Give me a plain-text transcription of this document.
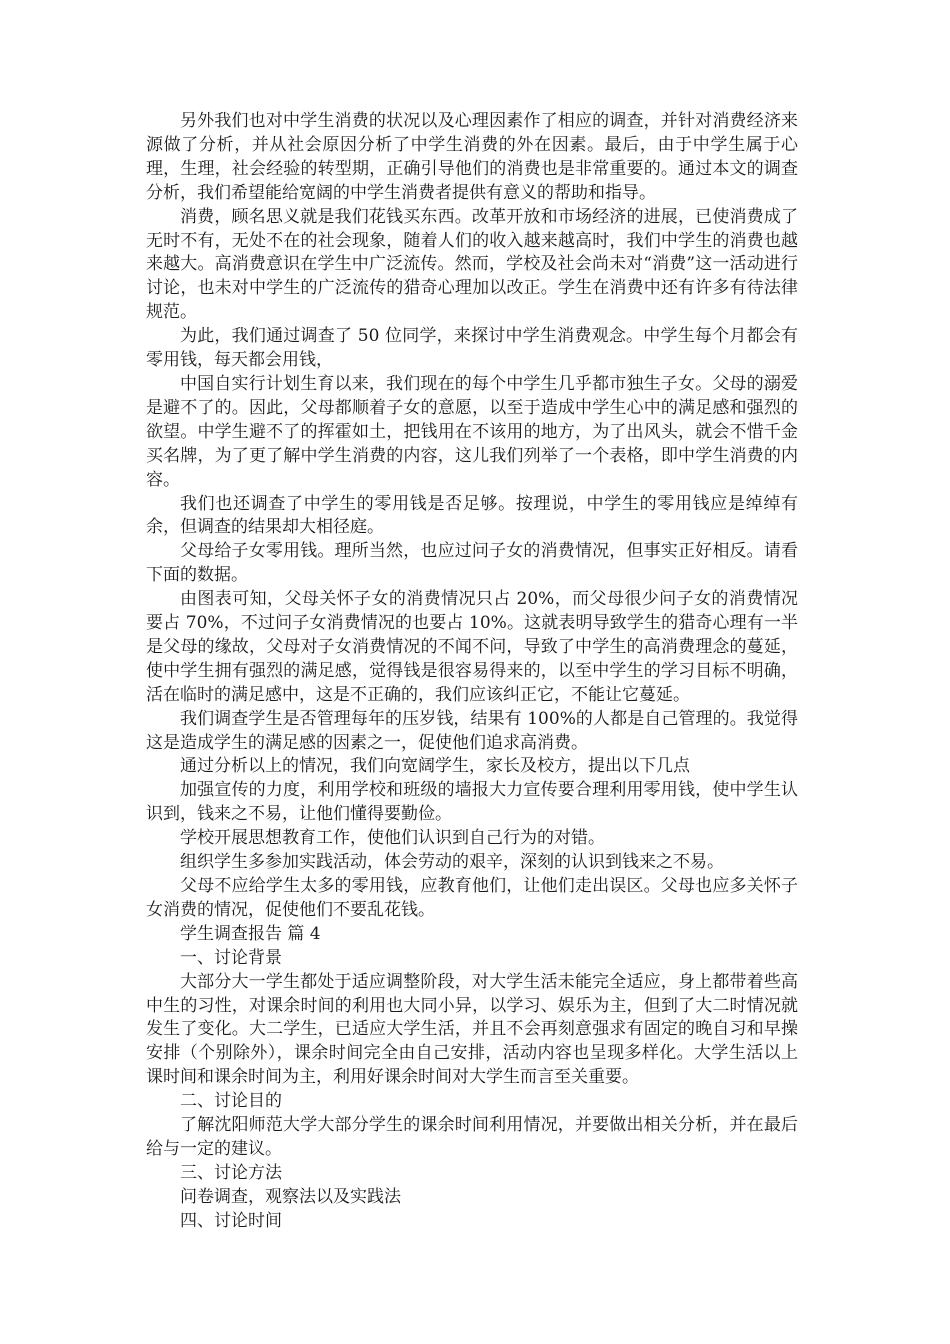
另外我们也对中学生消费的状况以及心理因素作了相应的调查，并针对消费经济来源做了分析，并从社会原因分析了中学生消费的外在因素。最后，由于中学生属于心理，生理，社会经验的转型期，正确引导他们的消费也是非常重要的。通过本文的调查分析，我们希望能给宽阔的中学生消费者提供有意义的帮助和指导。

消费，顾名思义就是我们花钱买东西。改革开放和市场经济的进展，已使消费成了无时不有，无处不在的社会现象，随着人们的收入越来越高时，我们中学生的消费也越来越大。高消费意识在学生中广泛流传。然而，学校及社会尚未对“消费”这一活动进行讨论，也未对中学生的广泛流传的猎奇心理加以改正。学生在消费中还有许多有待法律规范。

为此，我们通过调查了 50 位同学，来探讨中学生消费观念。中学生每个月都会有零用钱，每天都会用钱，

中国自实行计划生育以来，我们现在的每个中学生几乎都市独生子女。父母的溺爱是避不了的。因此，父母都顺着子女的意愿，以至于造成中学生心中的满足感和强烈的欲望。中学生避不了的挥霍如土，把钱用在不该用的地方，为了出风头，就会不惜千金买名牌，为了更了解中学生消费的内容，这儿我们列举了一个表格，即中学生消费的内容。

我们也还调查了中学生的零用钱是否足够。按理说，中学生的零用钱应是绰绰有余，但调查的结果却大相径庭。

父母给子女零用钱。理所当然，也应过问子女的消费情况，但事实正好相反。请看下面的数据。

由图表可知，父母关怀子女的消费情况只占 20%，而父母很少问子女的消费情况要占 70%，不过问子女消费情况的也要占 10%。这就表明导致学生的猎奇心理有一半是父母的缘故，父母对子女消费情况的不闻不问，导致了中学生的高消费理念的蔓延，使中学生拥有强烈的满足感，觉得钱是很容易得来的，以至中学生的学习目标不明确，活在临时的满足感中，这是不正确的，我们应该纠正它，不能让它蔓延。

我们调查学生是否管理每年的压岁钱，结果有 100%的人都是自己管理的。我觉得这是造成学生的满足感的因素之一，促使他们追求高消费。

通过分析以上的情况，我们向宽阔学生，家长及校方，提出以下几点

加强宣传的力度，利用学校和班级的墙报大力宣传要合理利用零用钱，使中学生认识到，钱来之不易，让他们懂得要勤俭。

学校开展思想教育工作，使他们认识到自己行为的对错。

组织学生多参加实践活动，体会劳动的艰辛，深刻的认识到钱来之不易。

父母不应给学生太多的零用钱，应教育他们，让他们走出误区。父母也应多关怀子女消费的情况，促使他们不要乱花钱。

学生调查报告 篇 4

一、讨论背景

大部分大一学生都处于适应调整阶段，对大学生活未能完全适应，身上都带着些高中生的习性，对课余时间的利用也大同小异，以学习、娱乐为主，但到了大二时情况就发生了变化。大二学生，已适应大学生活，并且不会再刻意强求有固定的晚自习和早操安排（个别除外），课余时间完全由自己安排，活动内容也呈现多样化。大学生活以上课时间和课余时间为主，利用好课余时间对大学生而言至关重要。

二、讨论目的

了解沈阳师范大学大部分学生的课余时间利用情况，并要做出相关分析，并在最后给与一定的建议。

三、讨论方法

问卷调查，观察法以及实践法

四、讨论时间
